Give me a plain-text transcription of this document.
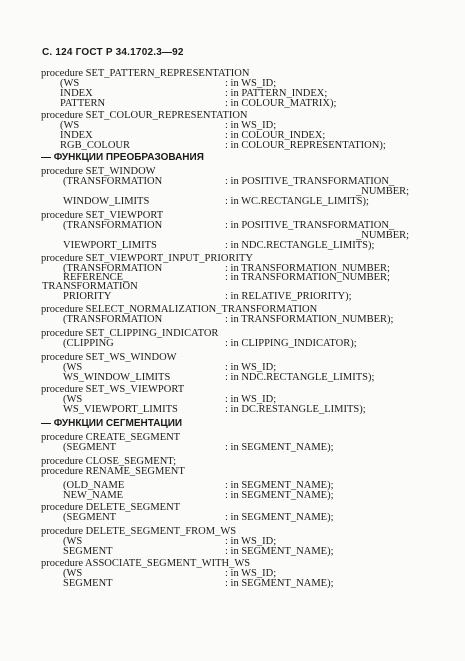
С. 124 ГОСТ Р 34.1702.3—92
procedure SET_PATTERN_REPRESENTATION
(WS	: in WS_ID;
INDEX	: in PATTERN_INDEX;
PATTERN	: in COLOUR_MATRIX);
procedure SET_COLOUR_REPRESENTATION
(WS	: in WS_ID;
INDEX	: in COLOUR_INDEX;
RGB_COLOUR	: in COLOUR_REPRESENTATION);
— ФУНКЦИИ ПРЕОБРАЗОВАНИЯ
procedure SET_WINDOW
(TRANSFORMATION	: in POSITIVE_TRANSFORMATION_
_NUMBER;
WINDOW_LIMITS	: in WC.RECTANGLE_LIMITS);
procedure SET_VIEWPORT
(TRANSFORMATION	: in POSITIVE_TRANSFORMATION_
_NUMBER;
VIEWPORT_LIMITS	: in NDC.RECTANGLE_LIMITS);
procedure SET_VIEWPORT_INPUT_PRIORITY
(TRANSFORMATION	: in TRANSFORMATION_NUMBER;
REFERENCE_	: in TRANSFORMATION_NUMBER;
TRANSFORMATION
PRIORITY	: in RELATIVE_PRIORITY);
procedure SELECT_NORMALIZATION_TRANSFORMATION
(TRANSFORMATION	: in TRANSFORMATION_NUMBER);
procedure SET_CLIPPING_INDICATOR
(CLIPPING	: in CLIPPING_INDICATOR);
procedure SET_WS_WINDOW
(WS	: in WS_ID;
WS_WINDOW_LIMITS	: in NDC.RECTANGLE_LIMITS);
procedure SET_WS_VIEWPORT
(WS	: in WS_ID;
WS_VIEWPORT_LIMITS	: in DC.RESTANGLE_LIMITS);
— ФУНКЦИИ СЕГМЕНТАЦИИ
procedure CREATE_SEGMENT
(SEGMENT	: in SEGMENT_NAME);
procedure CLOSE_SEGMENT;
procedure RENAME_SEGMENT
(OLD_NAME	: in SEGMENT_NAME);
NEW_NAME	: in SEGMENT_NAME);
procedure DELETE_SEGMENT
(SEGMENT	: in SEGMENT_NAME);
procedure DELETE_SEGMENT_FROM_WS
(WS	: in WS_ID;
SEGMENT	: in SEGMENT_NAME);
procedure ASSOCIATE_SEGMENT_WITH_WS
(WS	: in WS_ID;
SEGMENT	: in SEGMENT_NAME);
